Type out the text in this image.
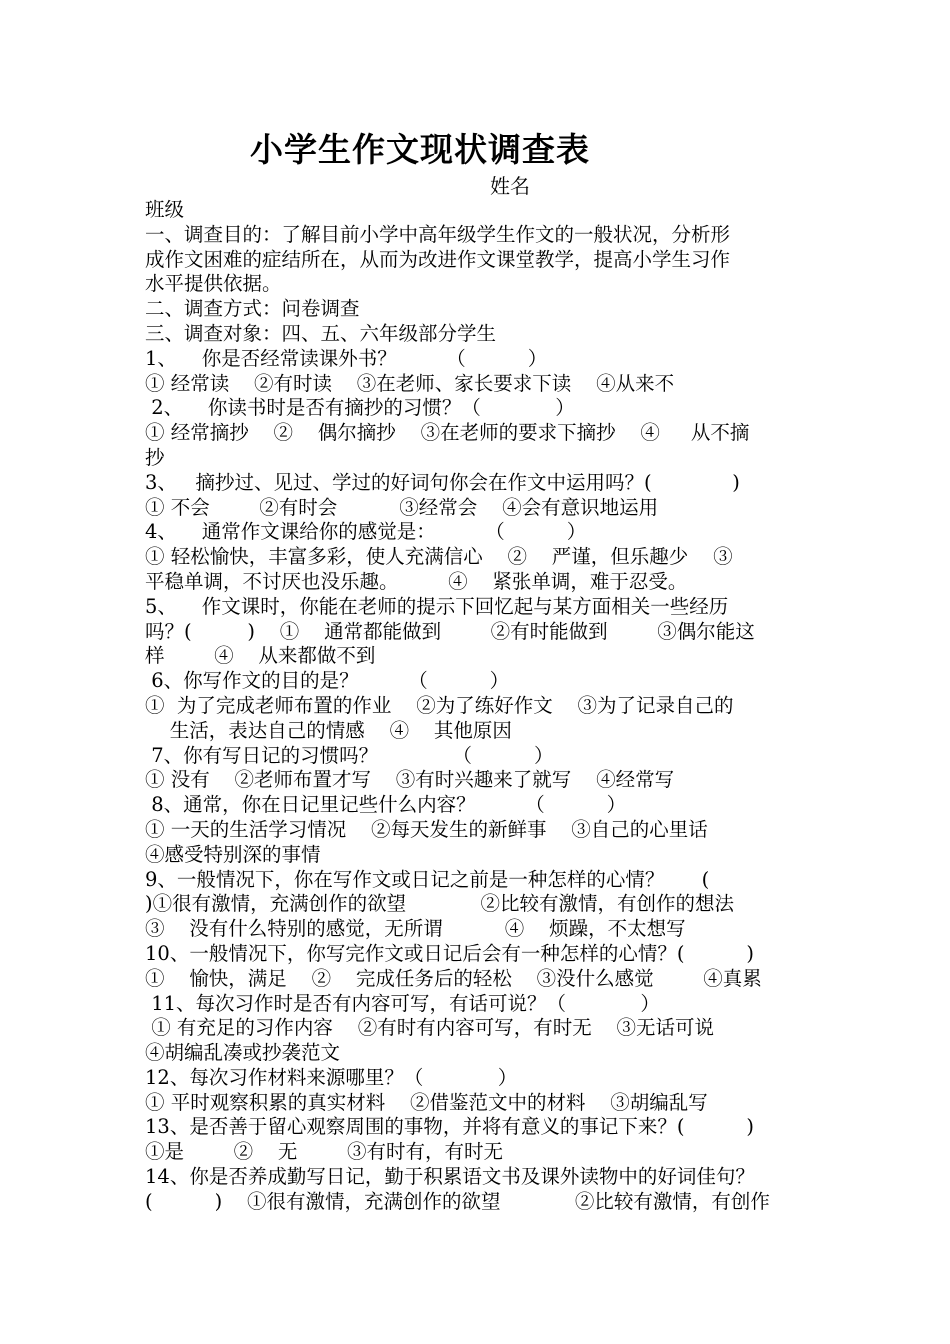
小学生作文现状调查表
姓名
班级
一、调查目的：了解目前小学中高年级学生作文的一般状况，分析形
成作文困难的症结所在，从而为改进作文课堂教学，提高小学生习作
水平提供依据。
二、调查方式：问卷调查
三、调查对象：四、五、六年级部分学生
1、    你是否经常读课外书？        （          ）
① 经常读    ②有时读    ③在老师、家长要求下读    ④从来不
2、    你读书时是否有摘抄的习惯？（            ）
① 经常摘抄    ②    偶尔摘抄    ③在老师的要求下摘抄    ④     从不摘
抄
3、   摘抄过、见过、学过的好词句你会在作文中运用吗？(             )
① 不会        ②有时会          ③经常会    ④会有意识地运用
4、    通常作文课给你的感觉是：        （          ）
① 轻松愉快，丰富多彩，使人充满信心    ②    严谨，但乐趣少    ③
平稳单调，不讨厌也没乐趣。        ④    紧张单调，难于忍受。
5、    作文课时，你能在老师的提示下回忆起与某方面相关一些经历
吗？(         )    ①    通常都能做到        ②有时能做到        ③偶尔能这
样        ④    从来都做不到
6、你写作文的目的是？        （          ）
①  为了完成老师布置的作业    ②为了练好作文    ③为了记录自己的
生活，表达自己的情感    ④    其他原因
7、你有写日记的习惯吗？            （          ）
① 没有    ②老师布置才写    ③有时兴趣来了就写    ④经常写
8、通常，你在日记里记些什么内容？        （          ）
① 一天的生活学习情况    ②每天发生的新鲜事    ③自己的心里话
④感受特别深的事情
9、一般情况下，你在写作文或日记之前是一种怎样的心情？      (
)①很有激情，充满创作的欲望            ②比较有激情，有创作的想法
③    没有什么特别的感觉，无所谓          ④    烦躁，不太想写
10、一般情况下，你写完作文或日记后会有一种怎样的心情？(          )
①    愉快，满足    ②    完成任务后的轻松    ③没什么感觉        ④真累
11、每次习作时是否有内容可写，有话可说？（            ）
① 有充足的习作内容    ②有时有内容可写，有时无    ③无话可说
④胡编乱凑或抄袭范文
12、每次习作材料来源哪里？（            ）
① 平时观察积累的真实材料    ②借鉴范文中的材料    ③胡编乱写
13、是否善于留心观察周围的事物，并将有意义的事记下来？(          )
①是        ②    无        ③有时有，有时无
14、你是否养成勤写日记，勤于积累语文书及课外读物中的好词佳句？
(          )    ①很有激情，充满创作的欲望            ②比较有激情，有创作
